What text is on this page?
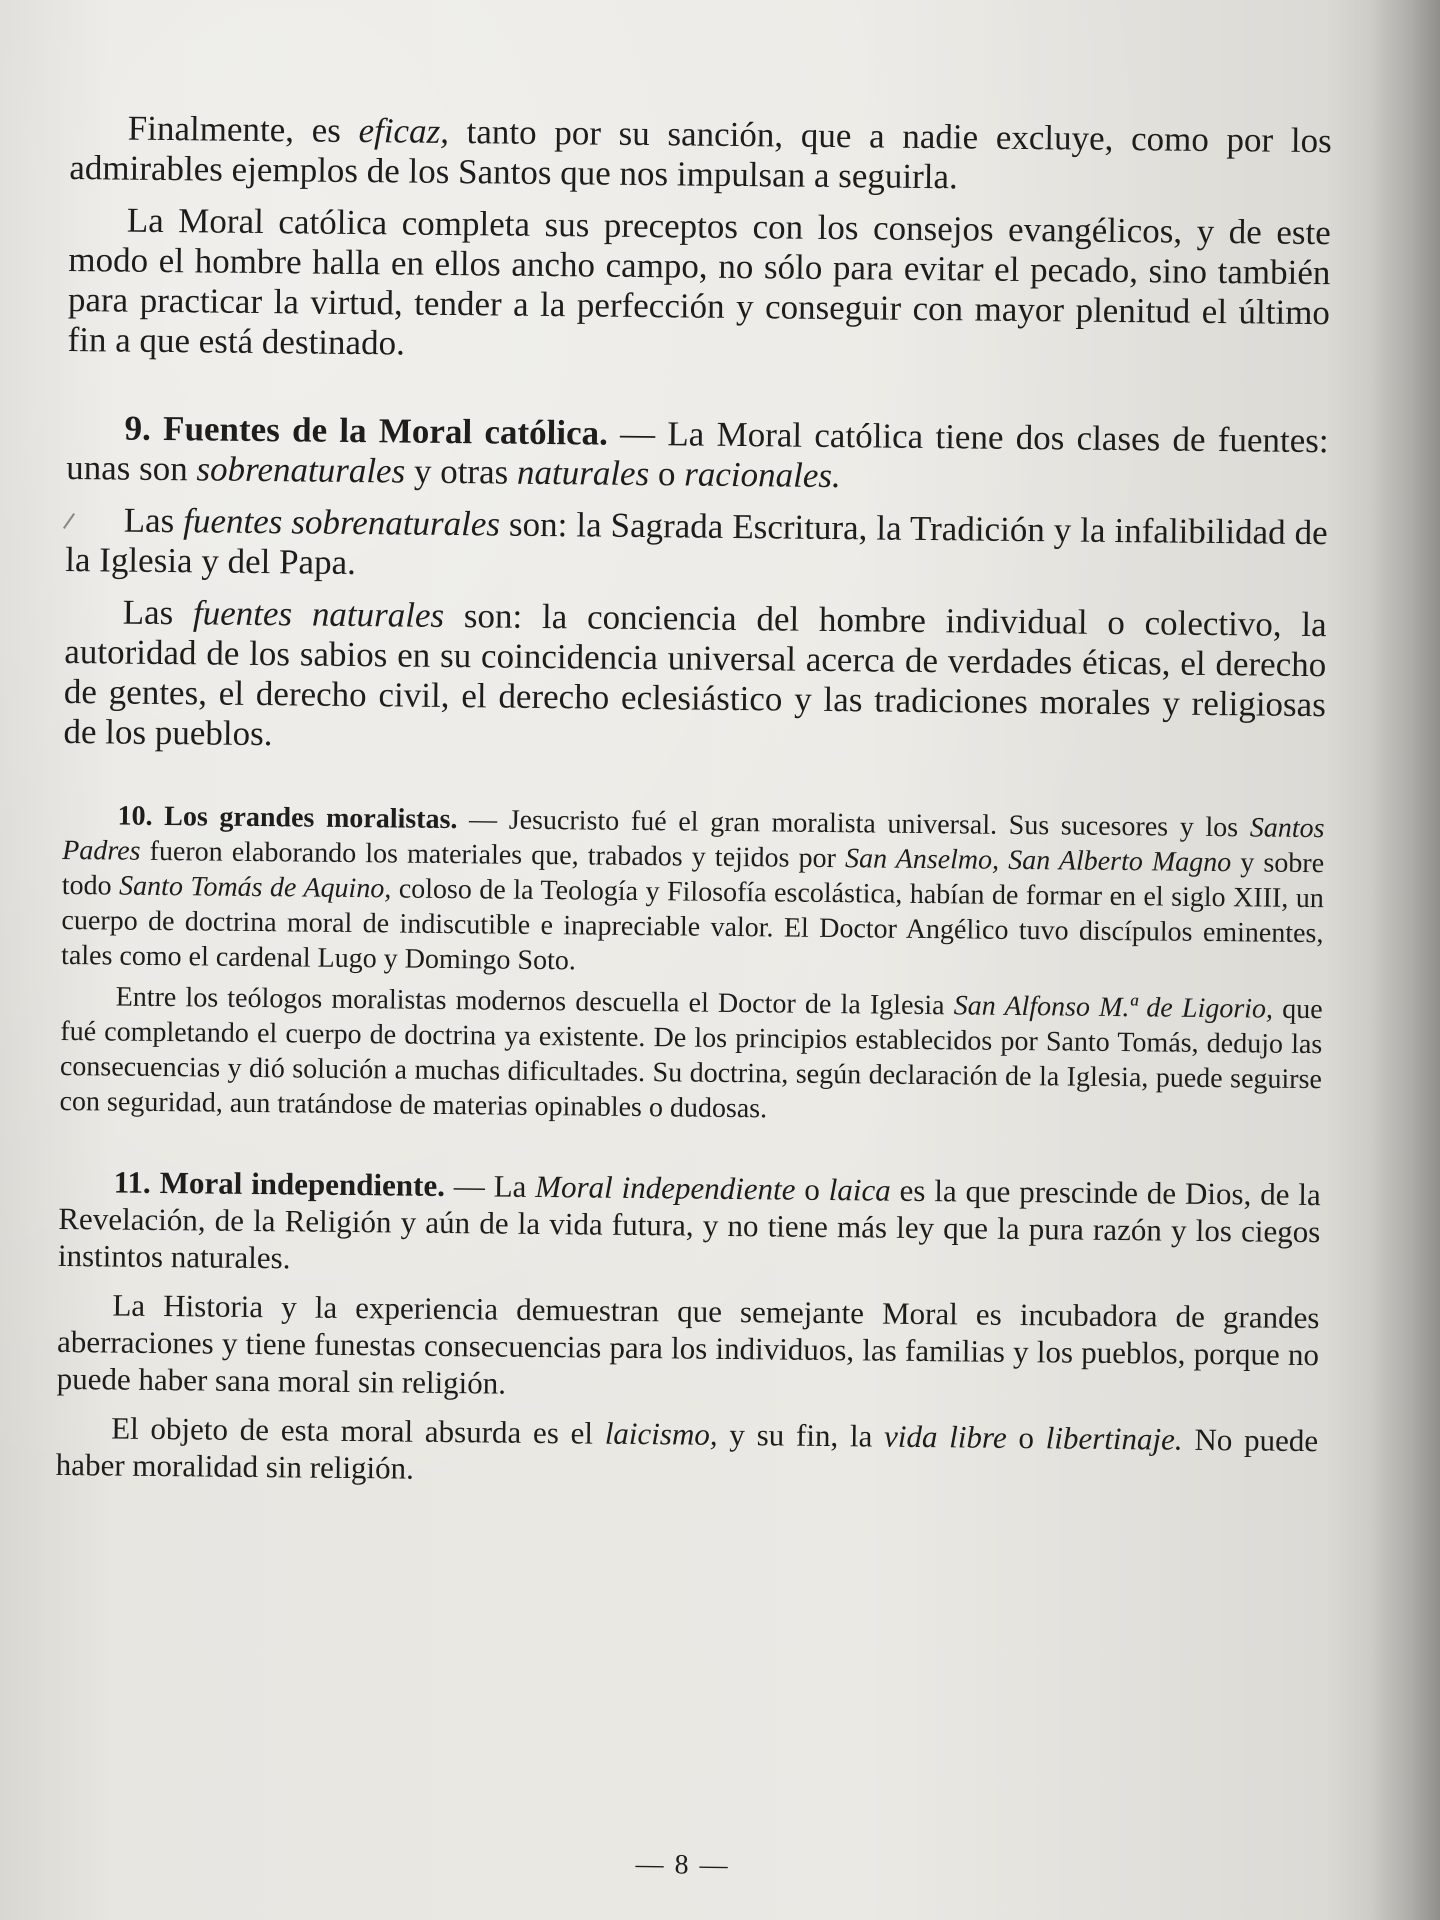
Finalmente, es eficaz, tanto por su sanción, que a nadie excluye, como por los admirables ejemplos de los Santos que nos impulsan a seguirla.

La Moral católica completa sus preceptos con los consejos evangélicos, y de este modo el hombre halla en ellos ancho campo, no sólo para evitar el pecado, sino también para practicar la virtud, tender a la perfección y conseguir con mayor plenitud el último fin a que está destinado.

9. Fuentes de la Moral católica. — La Moral católica tiene dos clases de fuentes: unas son sobrenaturales y otras naturales o racionales.

Las fuentes sobrenaturales son: la Sagrada Escritura, la Tradición y la infalibilidad de la Iglesia y del Papa.

Las fuentes naturales son: la conciencia del hombre individual o colectivo, la autoridad de los sabios en su coincidencia universal acerca de verdades éticas, el derecho de gentes, el derecho civil, el derecho eclesiástico y las tradiciones morales y religiosas de los pueblos.

10. Los grandes moralistas. — Jesucristo fué el gran moralista universal. Sus sucesores y los Santos Padres fueron elaborando los materiales que, trabados y tejidos por San Anselmo, San Alberto Magno y sobre todo Santo Tomás de Aquino, coloso de la Teología y Filosofía escolástica, habían de formar en el siglo XIII, un cuerpo de doctrina moral de indiscutible e inapreciable valor. El Doctor Angélico tuvo discípulos eminentes, tales como el cardenal Lugo y Domingo Soto.

Entre los teólogos moralistas modernos descuella el Doctor de la Iglesia San Alfonso M.ª de Ligorio, que fué completando el cuerpo de doctrina ya existente. De los principios establecidos por Santo Tomás, dedujo las consecuencias y dió solución a muchas dificultades. Su doctrina, según declaración de la Iglesia, puede seguirse con seguridad, aun tratándose de materias opinables o dudosas.

11. Moral independiente. — La Moral independiente o laica es la que prescinde de Dios, de la Revelación, de la Religión y aún de la vida futura, y no tiene más ley que la pura razón y los ciegos instintos naturales.

La Historia y la experiencia demuestran que semejante Moral es incubadora de grandes aberraciones y tiene funestas consecuencias para los individuos, las familias y los pueblos, porque no puede haber sana moral sin religión.

El objeto de esta moral absurda es el laicismo, y su fin, la vida libre o libertinaje. No puede haber moralidad sin religión.

— 8 —
